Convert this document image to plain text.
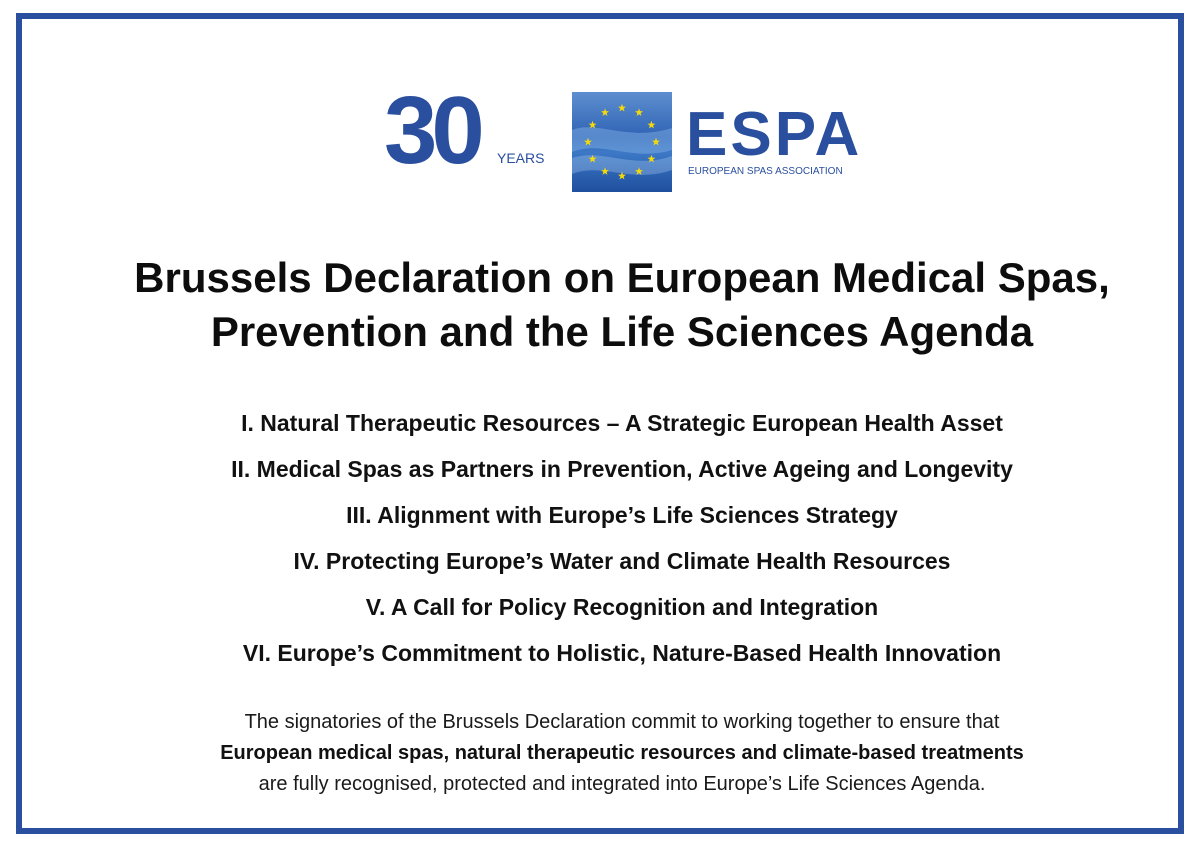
30 YEARS ESPA
EUROPEAN SPAS ASSOCIATION
Brussels Declaration on European Medical Spas,
Prevention and the Life Sciences Agenda
I. Natural Therapeutic Resources – A Strategic European Health Asset
II. Medical Spas as Partners in Prevention, Active Ageing and Longevity
III. Alignment with Europe’s Life Sciences Strategy
IV. Protecting Europe’s Water and Climate Health Resources
V. A Call for Policy Recognition and Integration
VI. Europe’s Commitment to Holistic, Nature-Based Health Innovation
The signatories of the Brussels Declaration commit to working together to ensure that
European medical spas, natural therapeutic resources and climate-based treatments
are fully recognised, protected and integrated into Europe’s Life Sciences Agenda.
